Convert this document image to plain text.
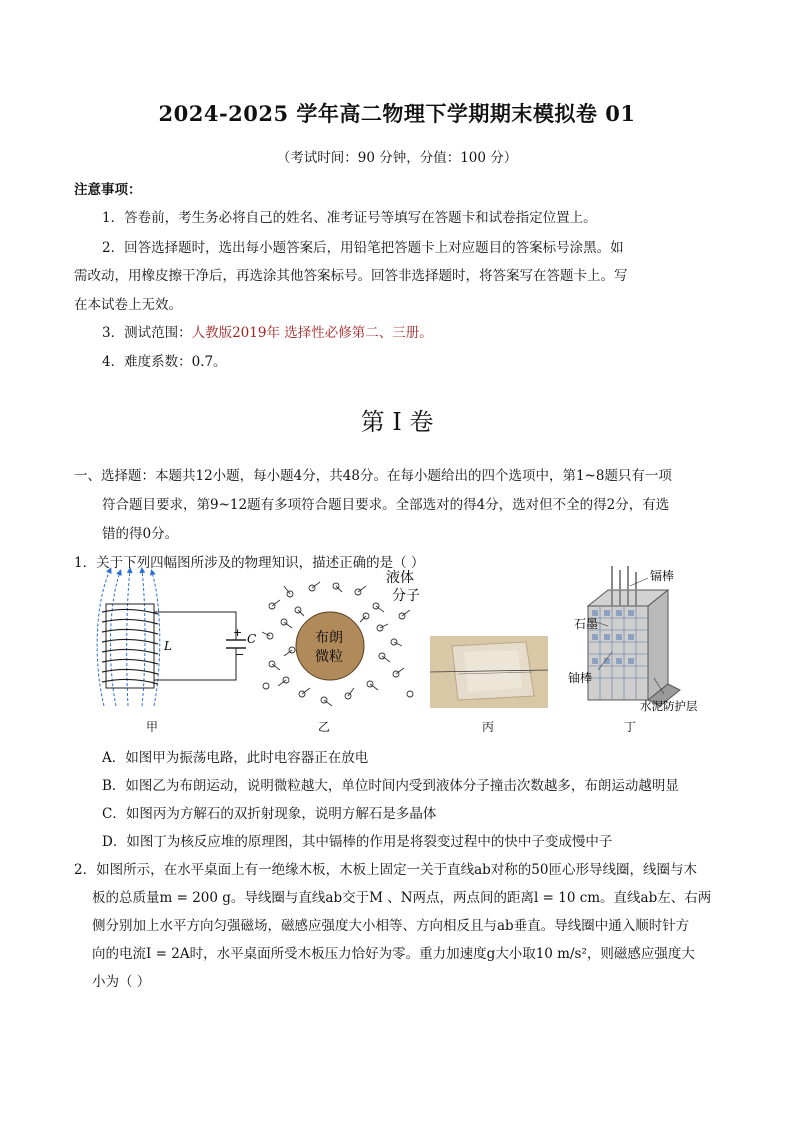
2024-2025 学年高二物理下学期期末模拟卷 01
（考试时间：90 分钟，分值：100 分）
注意事项：
1．答卷前，考生务必将自己的姓名、准考证号等填写在答题卡和试卷指定位置上。
2．回答选择题时，选出每小题答案后，用铅笔把答题卡上对应题目的答案标号涂黑。如
需改动，用橡皮擦干净后，再选涂其他答案标号。回答非选择题时，将答案写在答题卡上。写
在本试卷上无效。
3．测试范围：人教版2019年 选择性必修第二、三册。
4．难度系数：0.7。
第 I 卷
一、选择题：本题共12小题，每小题4分，共48分。在每小题给出的四个选项中，第1~8题只有一项
符合题目要求，第9~12题有多项符合题目要求。全部选对的得4分，选对但不全的得2分，有选
错的得0分。
1．关于下列四幅图所涉及的物理知识，描述正确的是（ ）
L
+ C
−
布朗
微粒
液体
分子
石墨
镉棒
铀棒
水泥防护层
甲	乙	丙	丁
A．如图甲为振荡电路，此时电容器正在放电
B．如图乙为布朗运动，说明微粒越大，单位时间内受到液体分子撞击次数越多，布朗运动越明显
C．如图丙为方解石的双折射现象，说明方解石是多晶体
D．如图丁为核反应堆的原理图，其中镉棒的作用是将裂变过程中的快中子变成慢中子
2．如图所示，在水平桌面上有一绝缘木板，木板上固定一关于直线ab对称的50匝心形导线圈，线圈与木
板的总质量m = 200 g。导线圈与直线ab交于M 、N两点，两点间的距离l = 10 cm。直线ab左、右两
侧分别加上水平方向匀强磁场，磁感应强度大小相等、方向相反且与ab垂直。导线圈中通入顺时针方
向的电流I = 2A时，水平桌面所受木板压力恰好为零。重力加速度g大小取10 m/s²，则磁感应强度大
小为（ ）
